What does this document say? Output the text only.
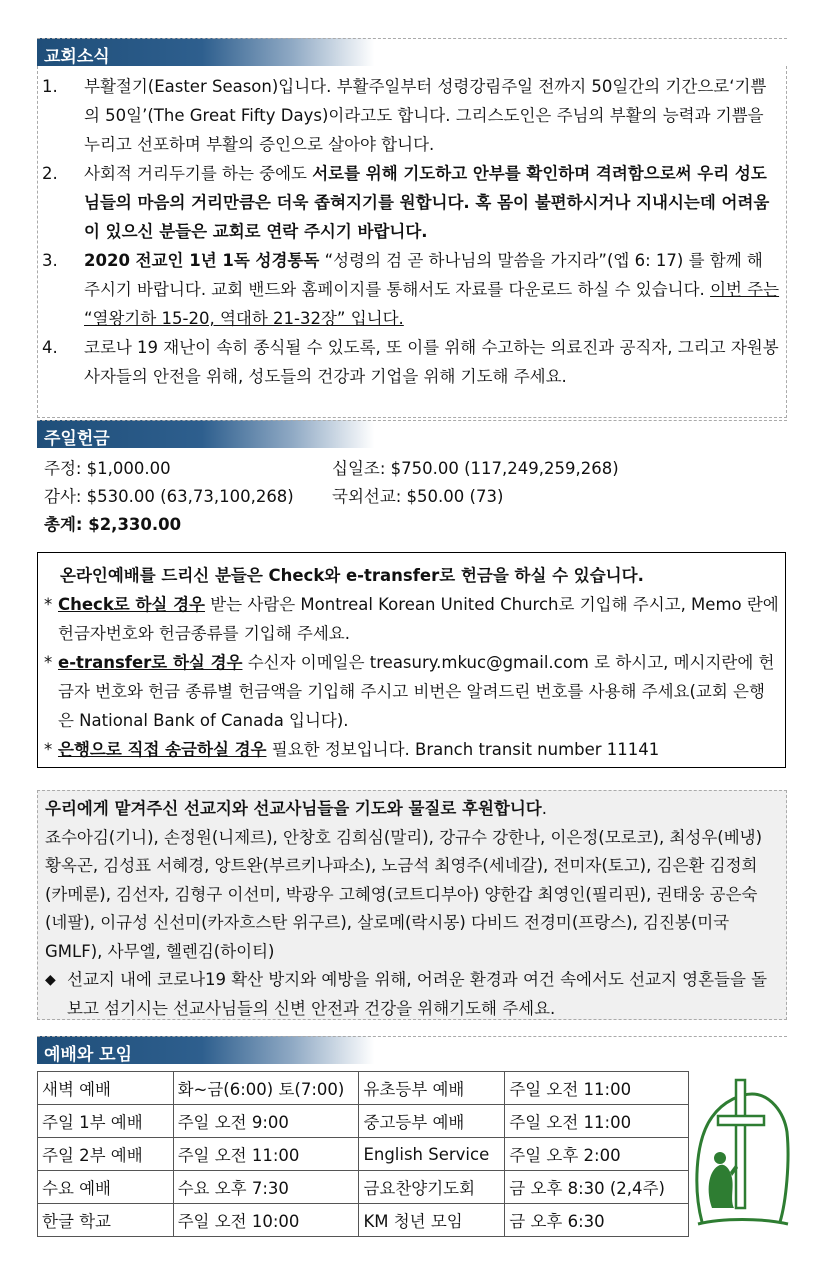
교회소식
1.	부활절기(Easter Season)입니다. 부활주일부터 성령강림주일 전까지 50일간의 기간으로‘기쁨의 50일’(The Great Fifty Days)이라고도 합니다. 그리스도인은 주님의 부활의 능력과 기쁨을 누리고 선포하며 부활의 증인으로 살아야 합니다.
2.	사회적 거리두기를 하는 중에도 서로를 위해 기도하고 안부를 확인하며 격려함으로써 우리 성도님들의 마음의 거리만큼은 더욱 좁혀지기를 원합니다. 혹 몸이 불편하시거나 지내시는데 어려움이 있으신 분들은 교회로 연락 주시기 바랍니다.
3.	2020 전교인 1년 1독 성경통독 “성령의 검 곧 하나님의 말씀을 가지라”(엡 6: 17) 를 함께 해 주시기 바랍니다. 교회 밴드와 홈페이지를 통해서도 자료를 다운로드 하실 수 있습니다. 이번 주는 “열왕기하 15-20, 역대하 21-32장” 입니다.
4.	코로나 19 재난이 속히 종식될 수 있도록, 또 이를 위해 수고하는 의료진과 공직자, 그리고 자원봉사자들의 안전을 위해, 성도들의 건강과 기업을 위해 기도해 주세요.
주일헌금
주정: $1,000.00	십일조: $750.00 (117,249,259,268)
감사: $530.00 (63,73,100,268) 국외선교: $50.00 (73)
총계: $2,330.00
온라인예배를 드리신 분들은 Check와 e-transfer로 헌금을 하실 수 있습니다.
* Check로 하실 경우 받는 사람은 Montreal Korean United Church로 기입해 주시고, Memo 란에 헌금자번호와 헌금종류를 기입해 주세요.
* e-transfer로 하실 경우 수신자 이메일은 treasury.mkuc@gmail.com 로 하시고, 메시지란에 헌금자 번호와 헌금 종류별 헌금액을 기입해 주시고 비번은 알려드린 번호를 사용해 주세요(교회 은행은 National Bank of Canada 입니다).
* 은행으로 직접 송금하실 경우 필요한 정보입니다. Branch transit number 11141
우리에게 맡겨주신 선교지와 선교사님들을 기도와 물질로 후원합니다.
죠수아김(기니), 손정원(니제르), 안창호 김희심(말리), 강규수 강한나, 이은정(모로코), 최성우(베냉) 황옥곤, 김성표 서혜경, 앙트완(부르키나파소), 노금석 최영주(세네갈), 전미자(토고), 김은환 김정희(카메룬), 김선자, 김형구 이선미, 박광우 고혜영(코트디부아) 양한갑 최영인(필리핀), 권태웅 공은숙(네팔), 이규성 신선미(카자흐스탄 위구르), 살로메(락시몽) 다비드 전경미(프랑스), 김진봉(미국GMLF), 사무엘, 헬렌김(하이티)
◆ 선교지 내에 코로나19 확산 방지와 예방을 위해, 어려운 환경과 여건 속에서도 선교지 영혼들을 돌보고 섬기시는 선교사님들의 신변 안전과 건강을 위해기도해 주세요.
예배와 모임
새벽 예배	화~금(6:00) 토(7:00)	유초등부 예배	주일 오전 11:00
주일 1부 예배	주일 오전 9:00	중고등부 예배	주일 오전 11:00
주일 2부 예배	주일 오전 11:00	English Service	주일 오후 2:00
수요 예배	수요 오후 7:30	금요찬양기도회	금 오후 8:30 (2,4주)
한글 학교	주일 오전 10:00	KM 청년 모임	금 오후 6:30
